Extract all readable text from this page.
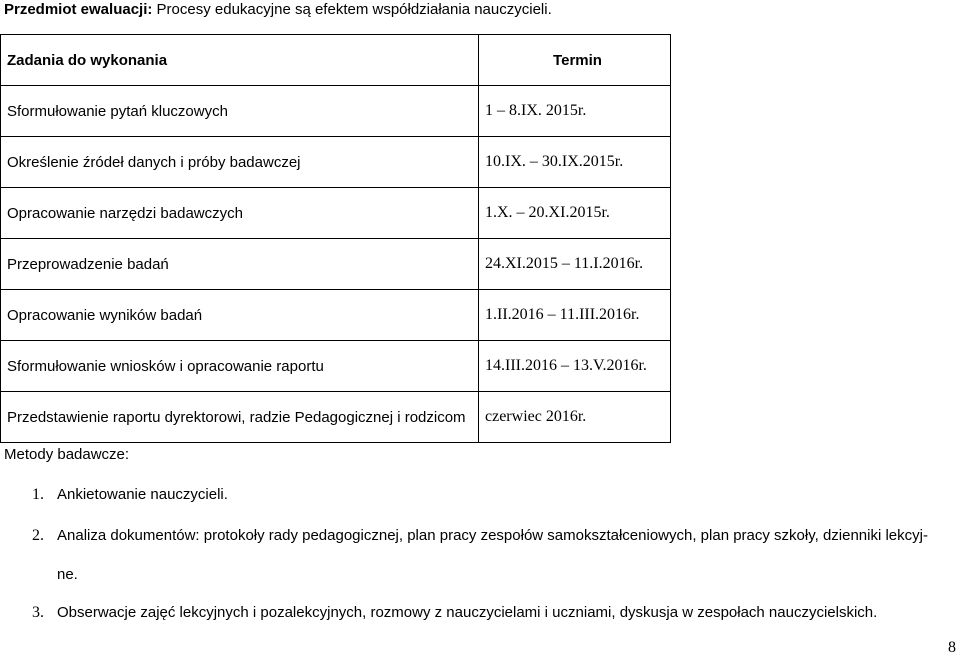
Przedmiot ewaluacji: Procesy edukacyjne są efektem współdziałania nauczycieli.
Zadania do wykonania	Termin
Sformułowanie pytań kluczowych	1 – 8.IX. 2015r.
Określenie źródeł danych i próby badawczej	10.IX. – 30.IX.2015r.
Opracowanie narzędzi badawczych	1.X. – 20.XI.2015r.
Przeprowadzenie badań	24.XI.2015 – 11.I.2016r.
Opracowanie wyników badań	1.II.2016 – 11.III.2016r.
Sformułowanie wniosków i opracowanie raportu	14.III.2016 – 13.V.2016r.
Przedstawienie raportu dyrektorowi, radzie Pedagogicznej i rodzicom	czerwiec 2016r.
Metody badawcze:
1. Ankietowanie nauczycieli.
2. Analiza dokumentów: protokoły rady pedagogicznej, plan pracy zespołów samokształceniowych, plan pracy szkoły, dzienniki lekcyj-
ne.
3. Obserwacje zajęć lekcyjnych i pozalekcyjnych, rozmowy z nauczycielami i uczniami, dyskusja w zespołach nauczycielskich.
8
